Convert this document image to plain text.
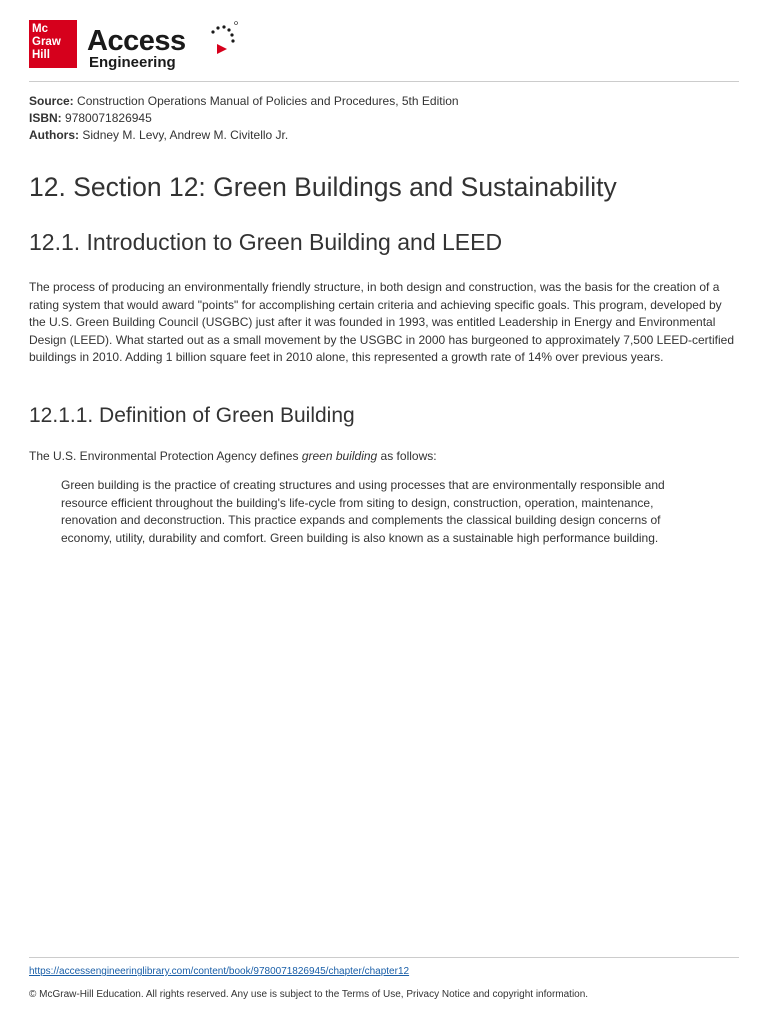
Mc
Graw
Hill	Access
Engineering
Source: Construction Operations Manual of Policies and Procedures, 5th Edition
ISBN: 9780071826945
Authors: Sidney M. Levy, Andrew M. Civitello Jr.
12. Section 12: Green Buildings and Sustainability
12.1. Introduction to Green Building and LEED

The process of producing an environmentally friendly structure, in both design and construction, was the basis for the creation of a rating system that would award "points" for accomplishing certain criteria and achieving specific goals. This program, developed by the U.S. Green Building Council (USGBC) just after it was founded in 1993, was entitled Leadership in Energy and Environmental Design (LEED). What started out as a small movement by the USGBC in 2000 has burgeoned to approximately 7,500 LEED-certified buildings in 2010. Adding 1 billion square feet in 2010 alone, this represented a growth rate of 14% over previous years.

12.1.1. Definition of Green Building

The U.S. Environmental Protection Agency defines green building as follows:

Green building is the practice of creating structures and using processes that are environmentally responsible and resource efficient throughout the building's life-cycle from siting to design, construction, operation, maintenance, renovation and deconstruction. This practice expands and complements the classical building design concerns of economy, utility, durability and comfort. Green building is also known as a sustainable high performance building.
https://accessengineeringlibrary.com/content/book/9780071826945/chapter/chapter12
© McGraw-Hill Education. All rights reserved. Any use is subject to the Terms of Use, Privacy Notice and copyright information.
